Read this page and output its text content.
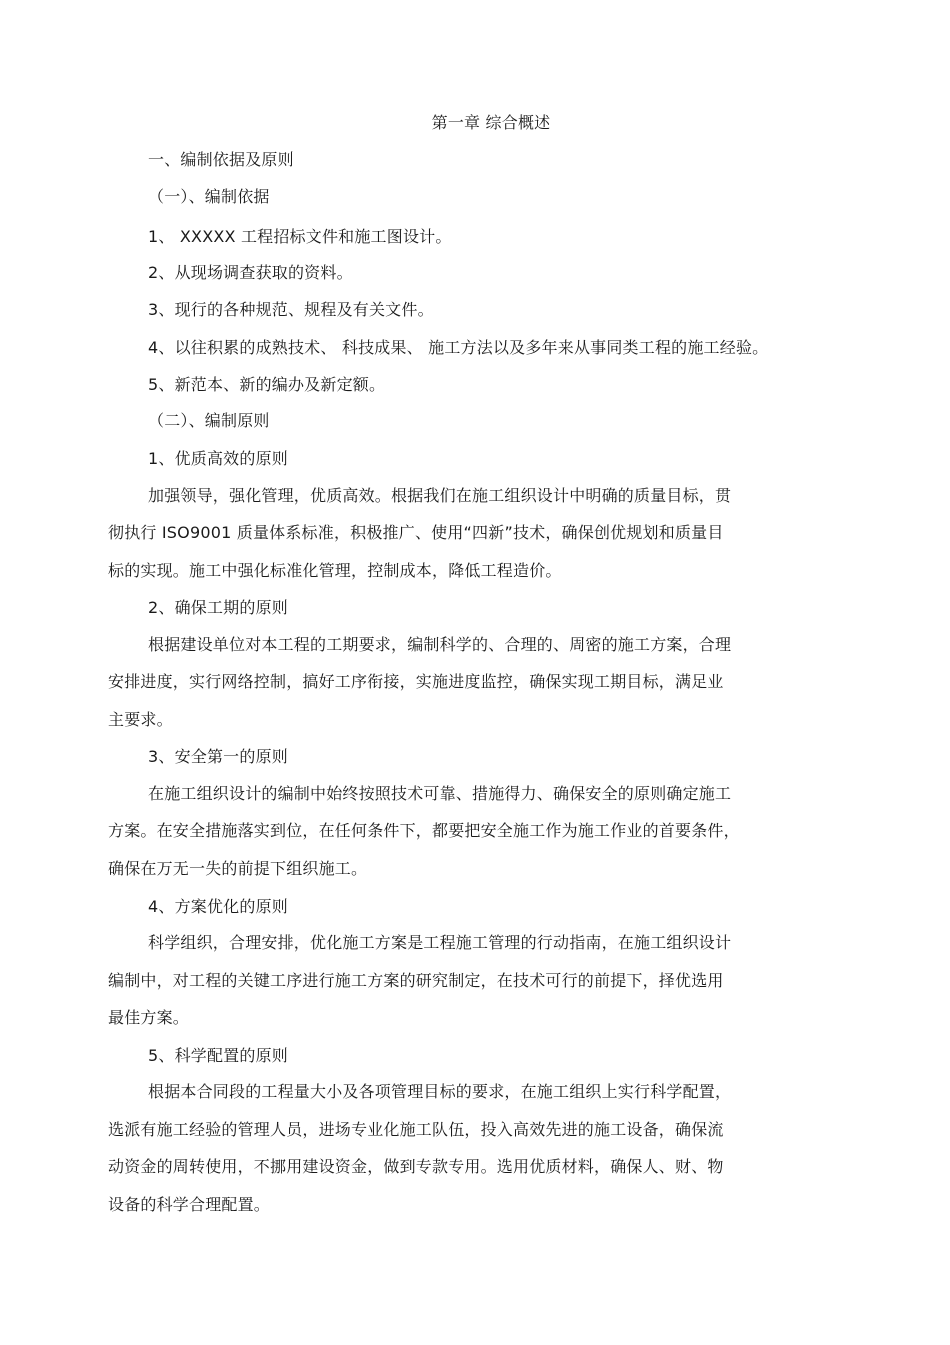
第一章 综合概述
一、编制依据及原则
（一）、编制依据
1、 XXXXX 工程招标文件和施工图设计。
2、从现场调查获取的资料。
3、现行的各种规范、规程及有关文件。
4、以往积累的成熟技术、 科技成果、 施工方法以及多年来从事同类工程的施工经验。
5、新范本、新的编办及新定额。
（二）、编制原则
1、优质高效的原则
加强领导，强化管理，优质高效。根据我们在施工组织设计中明确的质量目标，贯
彻执行 ISO9001 质量体系标准，积极推广、使用“四新”技术，确保创优规划和质量目
标的实现。施工中强化标准化管理，控制成本，降低工程造价。
2、确保工期的原则
根据建设单位对本工程的工期要求，编制科学的、合理的、周密的施工方案，合理
安排进度，实行网络控制，搞好工序衔接，实施进度监控，确保实现工期目标，满足业
主要求。
3、安全第一的原则
在施工组织设计的编制中始终按照技术可靠、措施得力、确保安全的原则确定施工
方案。在安全措施落实到位，在任何条件下，都要把安全施工作为施工作业的首要条件，
确保在万无一失的前提下组织施工。
4、方案优化的原则
科学组织，合理安排，优化施工方案是工程施工管理的行动指南，在施工组织设计
编制中，对工程的关键工序进行施工方案的研究制定，在技术可行的前提下，择优选用
最佳方案。
5、科学配置的原则
根据本合同段的工程量大小及各项管理目标的要求，在施工组织上实行科学配置，
选派有施工经验的管理人员，进场专业化施工队伍，投入高效先进的施工设备，确保流
动资金的周转使用，不挪用建设资金，做到专款专用。选用优质材料，确保人、财、物
设备的科学合理配置。
